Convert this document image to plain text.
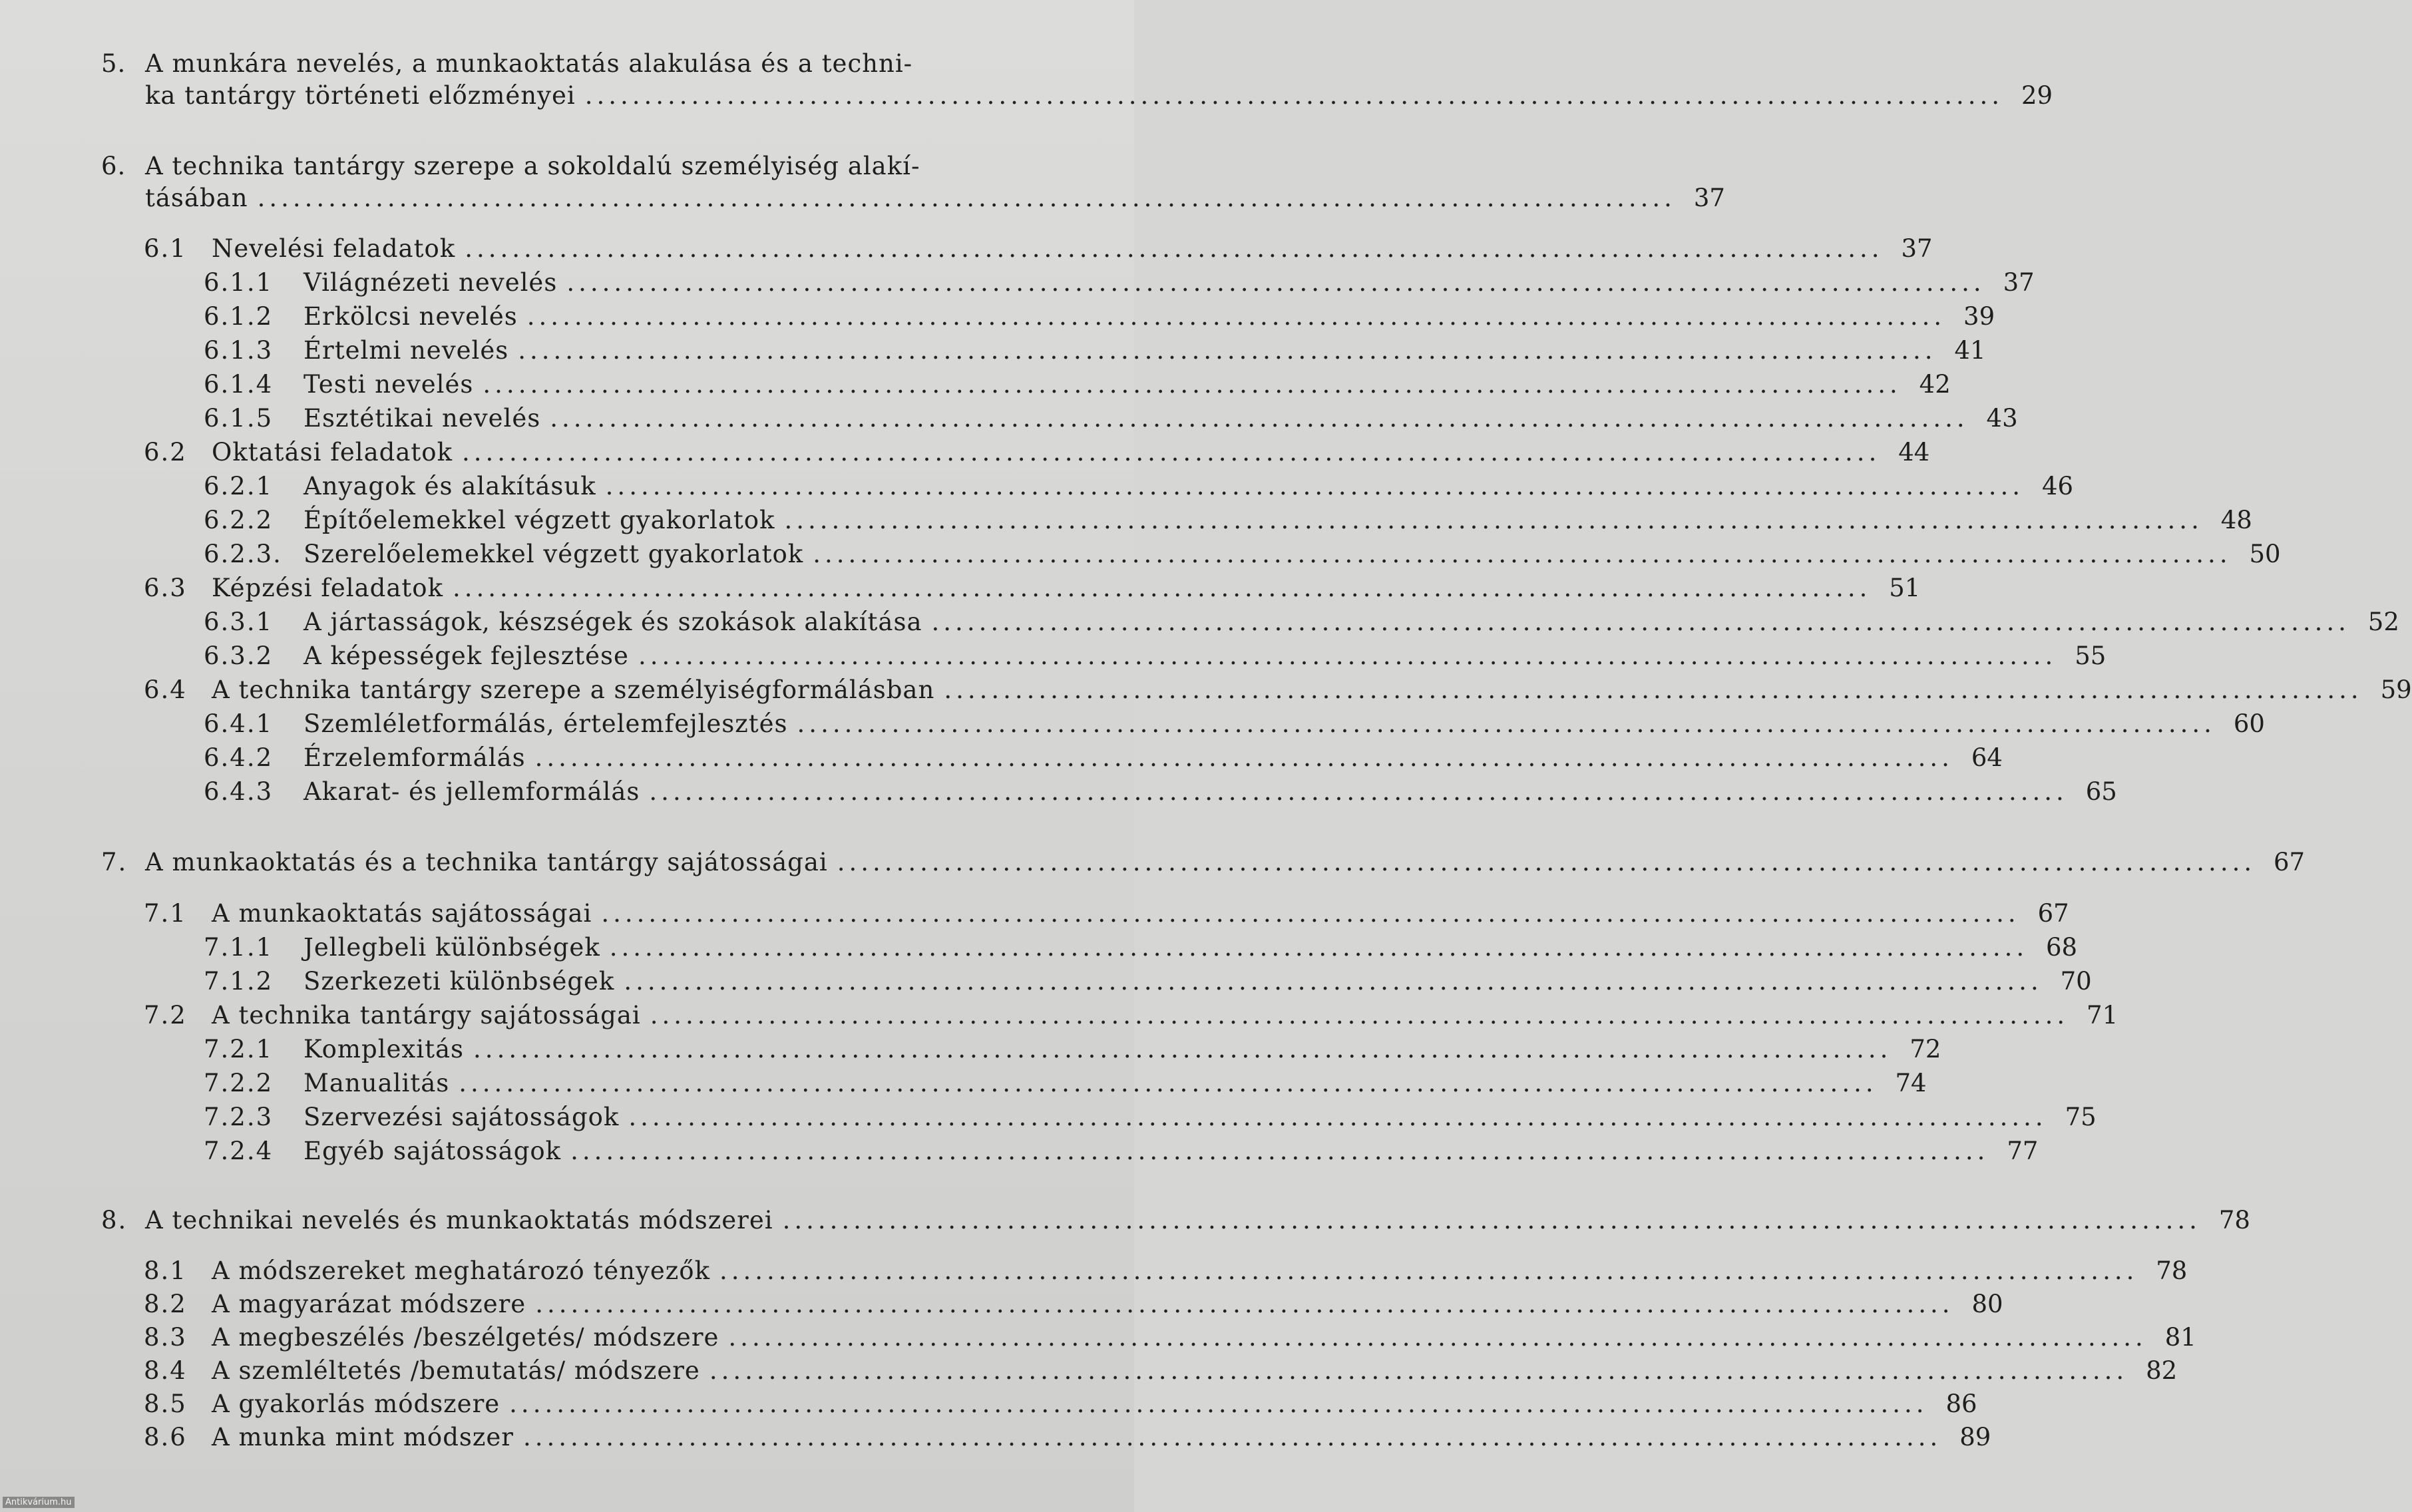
5. A munkára nevelés, a munkaoktatás alakulása és a techni-
ka tantárgy történeti előzményei ........................................................................................................................ 29
6. A technika tantárgy szerepe a sokoldalú személyiség alakí-
tásában ........................................................................................................................ 37
6.1	Nevelési feladatok ........................................................................................................................ 37
6.1.1	Világnézeti nevelés ........................................................................................................................ 37
6.1.2	Erkölcsi nevelés ........................................................................................................................ 39
6.1.3	Értelmi nevelés ........................................................................................................................ 41
6.1.4	Testi nevelés ........................................................................................................................ 42
6.1.5	Esztétikai nevelés ........................................................................................................................ 43
6.2	Oktatási feladatok ........................................................................................................................ 44
6.2.1	Anyagok és alakításuk ........................................................................................................................ 46
6.2.2	Építőelemekkel végzett gyakorlatok ........................................................................................................................ 48
6.2.3. Szerelőelemekkel végzett gyakorlatok ........................................................................................................................ 50
6.3	Képzési feladatok ........................................................................................................................ 51
6.3.1	A jártasságok, készségek és szokások alakítása ........................................................................................................................ 52
6.3.2	A képességek fejlesztése ........................................................................................................................ 55
6.4	A technika tantárgy szerepe a személyiségformálásban ........................................................................................................................ 59
6.4.1	Szemléletformálás, értelemfejlesztés ........................................................................................................................ 60
6.4.2	Érzelemformálás ........................................................................................................................ 64
6.4.3	Akarat- és jellemformálás ........................................................................................................................ 65
7. A munkaoktatás és a technika tantárgy sajátosságai ........................................................................................................................ 67
7.1	A munkaoktatás sajátosságai ........................................................................................................................ 67
7.1.1	Jellegbeli különbségek ........................................................................................................................ 68
7.1.2	Szerkezeti különbségek ........................................................................................................................ 70
7.2	A technika tantárgy sajátosságai ........................................................................................................................ 71
7.2.1	Komplexitás ........................................................................................................................ 72
7.2.2	Manualitás ........................................................................................................................ 74
7.2.3	Szervezési sajátosságok ........................................................................................................................ 75
7.2.4	Egyéb sajátosságok ........................................................................................................................ 77
8. A technikai nevelés és munkaoktatás módszerei ........................................................................................................................ 78
8.1	A módszereket meghatározó tényezők ........................................................................................................................ 78
8.2	A magyarázat módszere ........................................................................................................................ 80
8.3	A megbeszélés /beszélgetés/ módszere ........................................................................................................................ 81
8.4	A szemléltetés /bemutatás/ módszere ........................................................................................................................ 82
8.5	A gyakorlás módszere ........................................................................................................................ 86
8.6	A munka mint módszer ........................................................................................................................ 89
Antikvárium.hu
